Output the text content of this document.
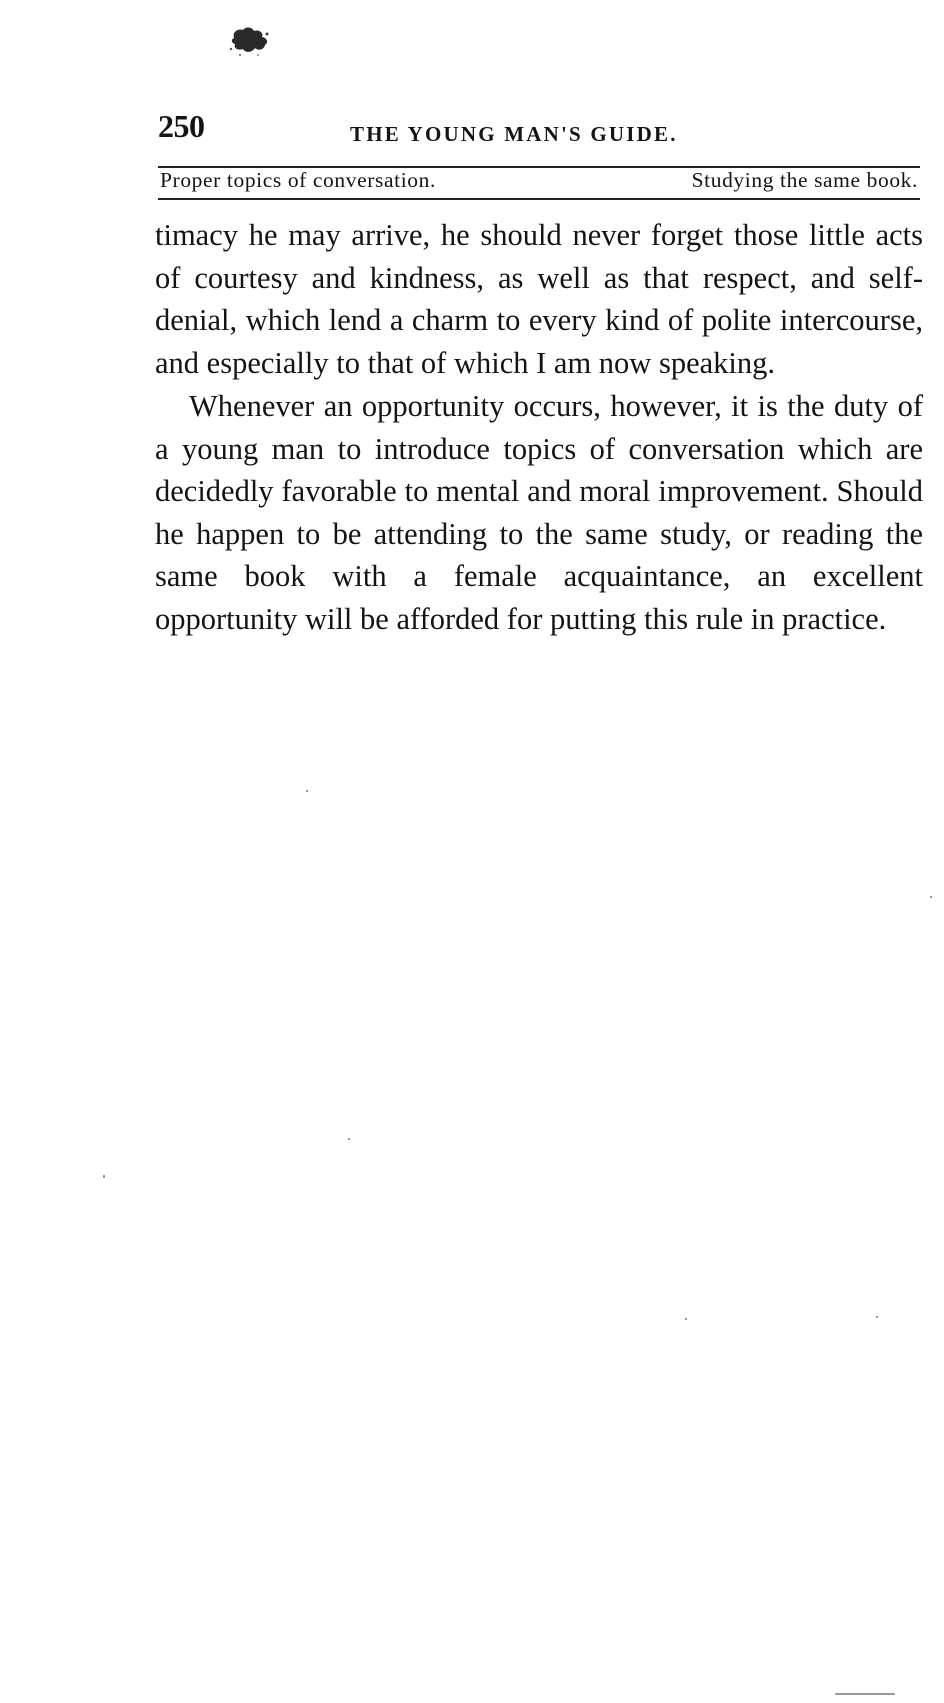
250	THE YOUNG MAN'S GUIDE.
Proper topics of conversation.	Studying the same book.

timacy he may arrive, he should never forget those little acts of courtesy and kindness, as well as that respect, and self-denial, which lend a charm to every kind of polite intercourse, and especially to that of which I am now speaking.

Whenever an opportunity occurs, however, it is the duty of a young man to introduce topics of conversation which are decidedly favorable to mental and moral improvement. Should he happen to be attending to the same study, or reading the same book with a female acquaintance, an excellent opportunity will be afforded for putting this rule in practice.
